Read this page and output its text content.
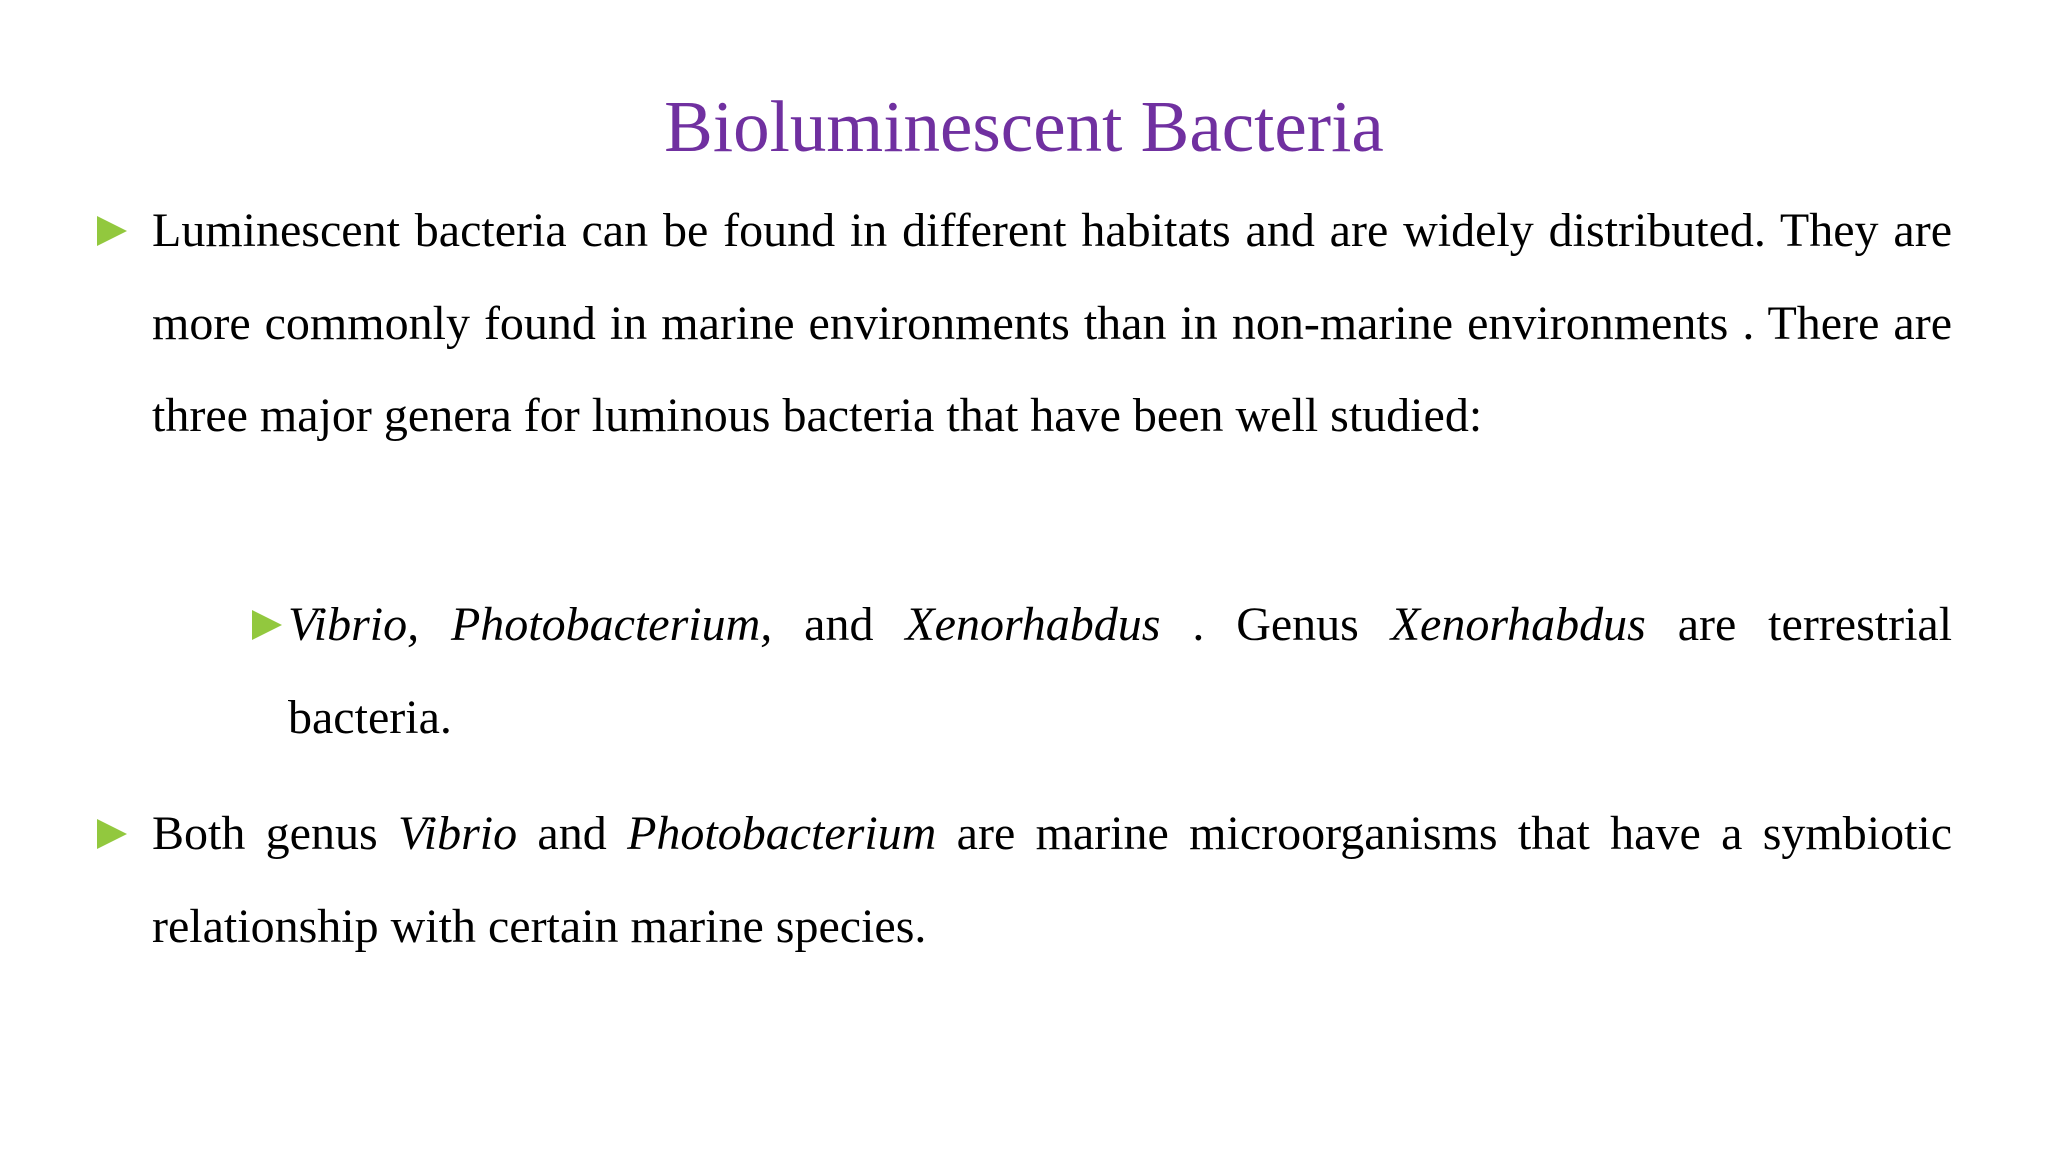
Bioluminescent Bacteria

Luminescent bacteria can be found in different habitats and are widely distributed. They are more commonly found in marine environments than in non-marine environments . There are three major genera for luminous bacteria that have been well studied:

Vibrio, Photobacterium, and Xenorhabdus . Genus Xenorhabdus are terrestrial bacteria.

Both genus Vibrio and Photobacterium are marine microorganisms that have a symbiotic relationship with certain marine species.
